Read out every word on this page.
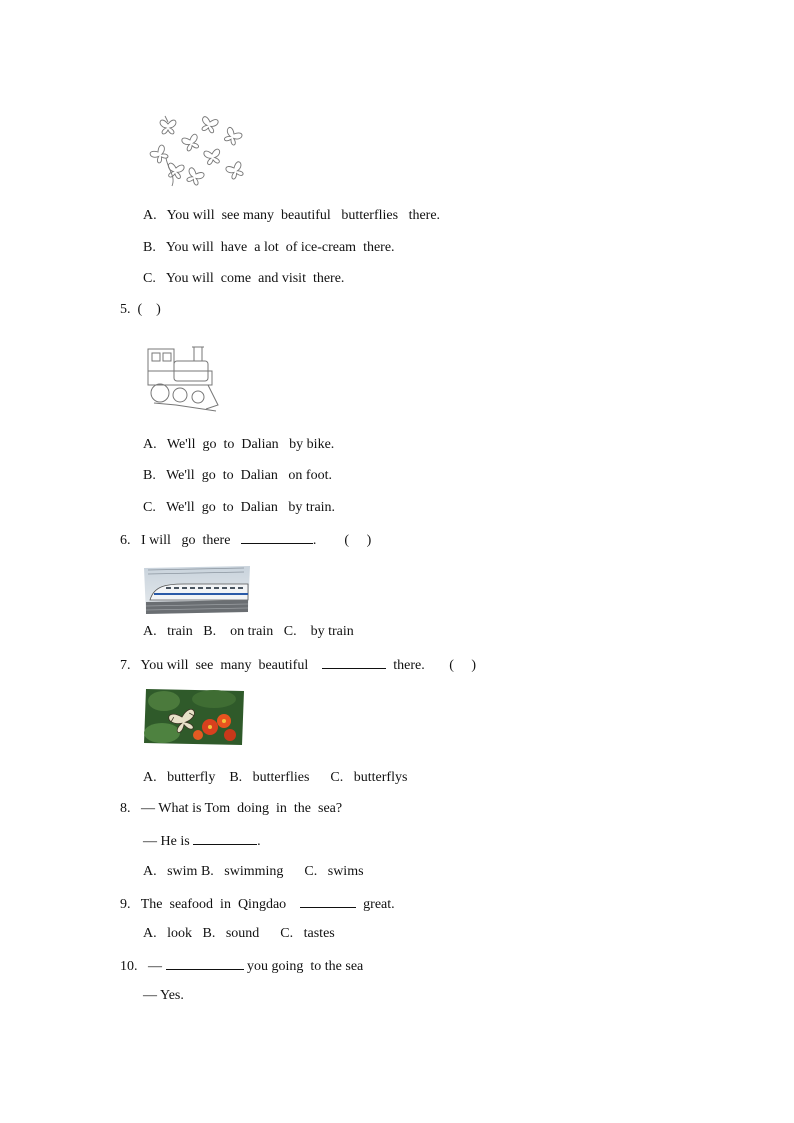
A.   You will  see many  beautiful   butterflies   there.
B.   You will  have  a lot  of ice-cream  there.
C.   You will  come  and visit  there.
5.  (    )
A.   We'll  go  to  Dalian   by bike.
B.   We'll  go  to  Dalian   on foot.
C.   We'll  go  to  Dalian   by train.
6.   I will   go  there	.        (     )
A.   train   B.    on train   C.    by train
7.   You will  see  many  beautiful	there.       (     )
A.   butterfly    B.   butterflies      C.   butterflys
8.   — What is Tom  doing  in  the  sea?
— He is	.
A.   swim B.   swimming      C.   swims
9.   The  seafood  in  Qingdao	great.
A.   look   B.   sound      C.   tastes
10.   —	you going  to the sea
— Yes.
